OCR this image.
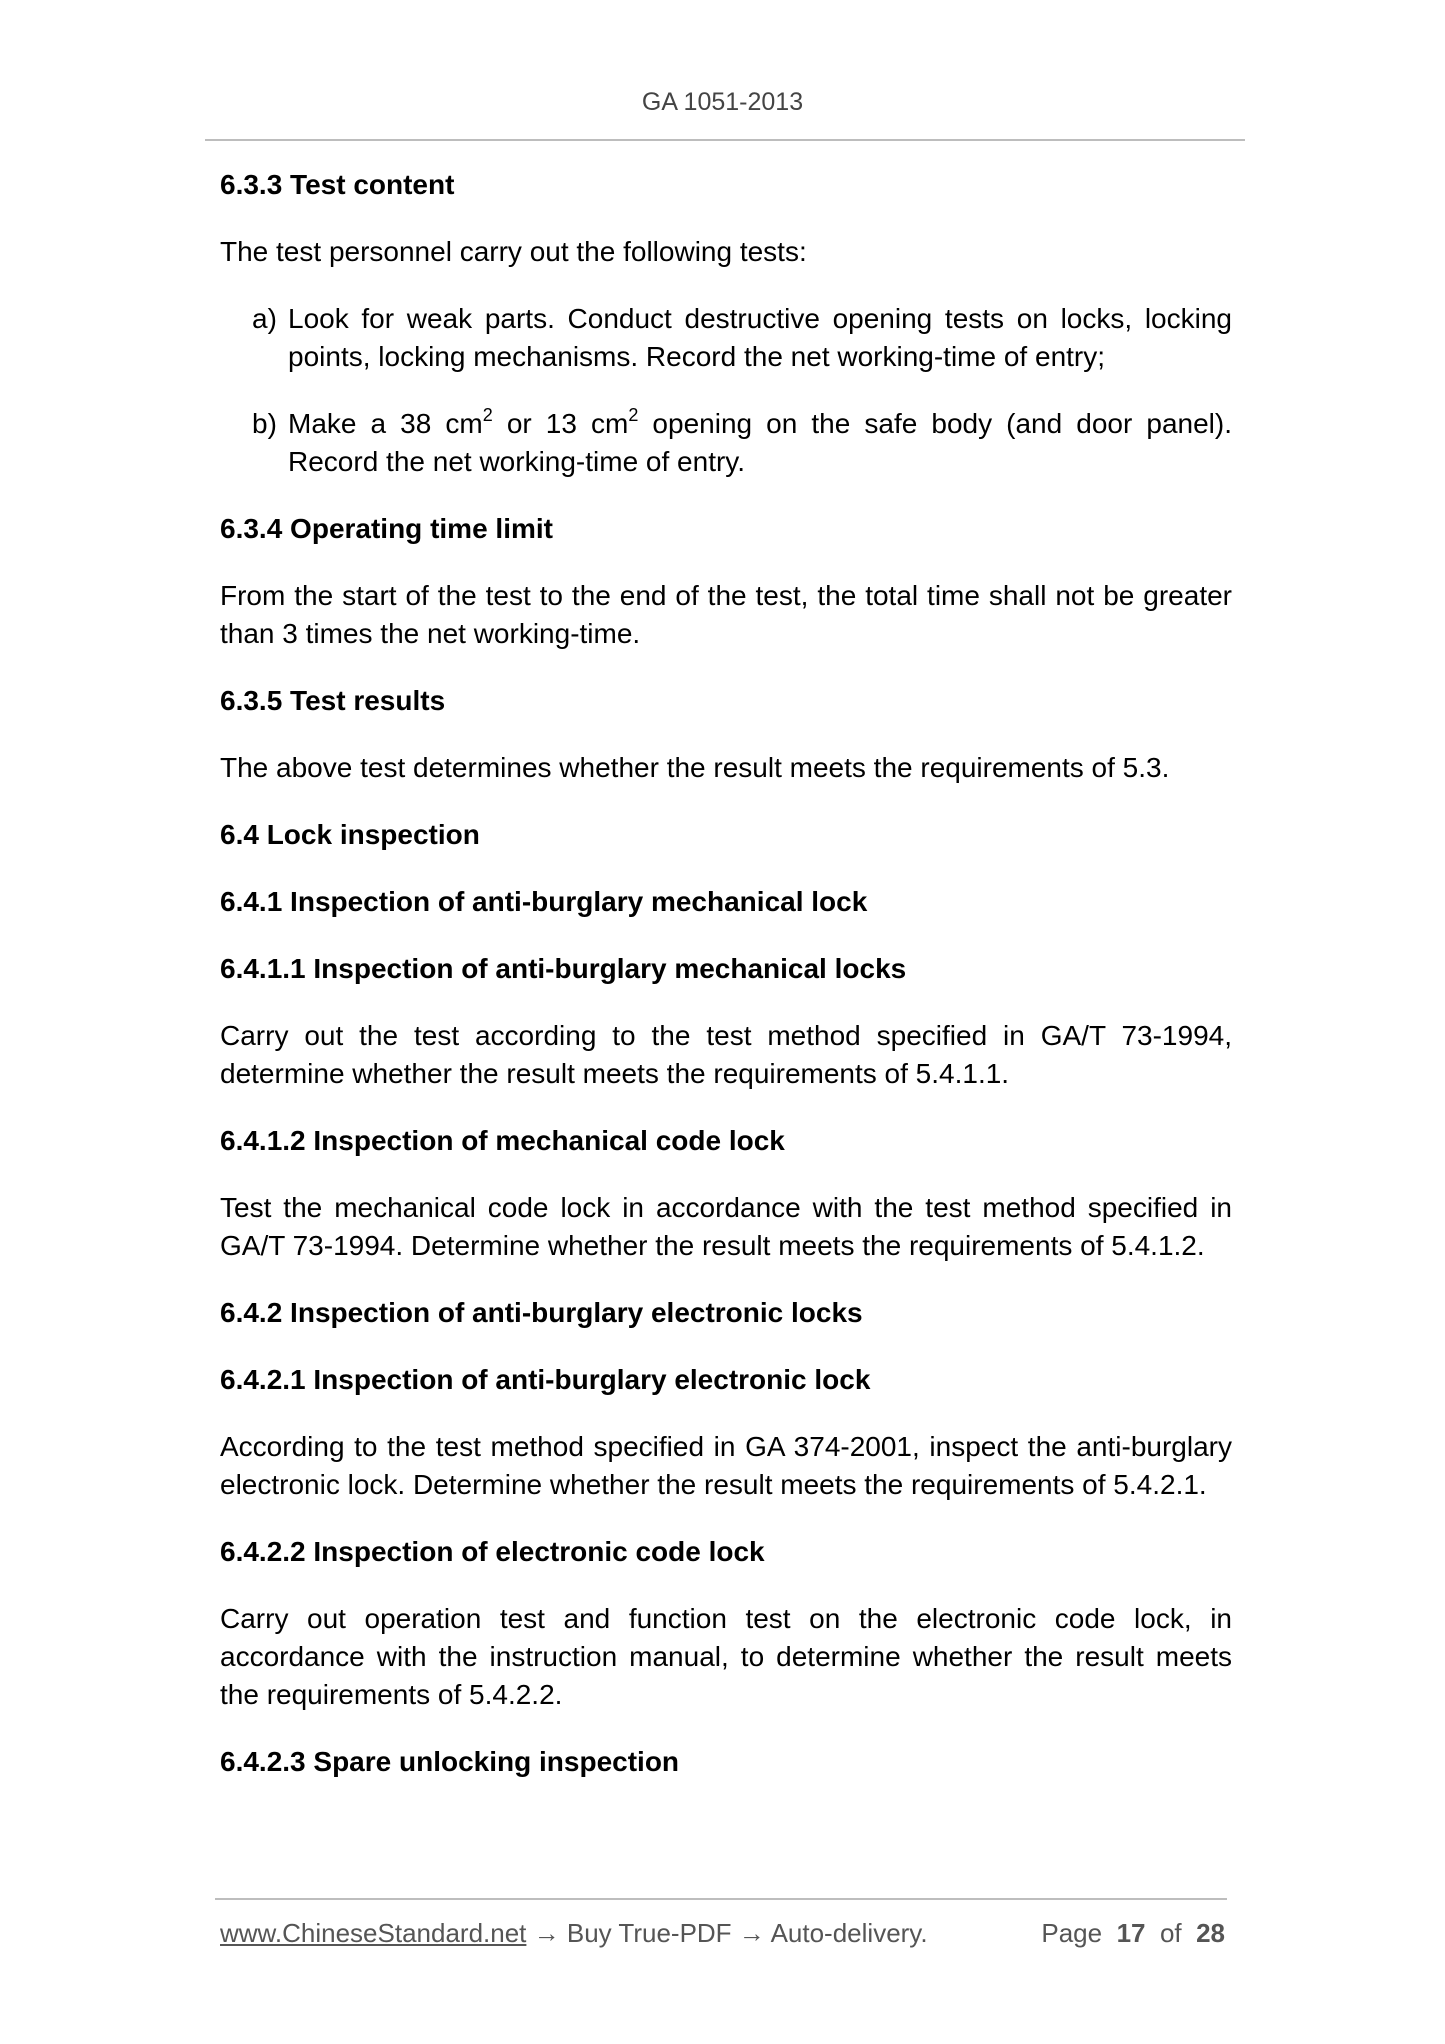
GA 1051-2013
6.3.3 Test content

The test personnel carry out the following tests:

a) Look for weak parts. Conduct destructive opening tests on locks, locking points, locking mechanisms. Record the net working-time of entry;
b) Make a 38 $cm^2$ or 13 $cm^2$ opening on the safe body (and door panel). Record the net working-time of entry.
6.3.4 Operating time limit

From the start of the test to the end of the test, the total time shall not be greater than 3 times the net working-time.

6.3.5 Test results

The above test determines whether the result meets the requirements of 5.3.

6.4 Lock inspection
6.4.1 Inspection of anti-burglary mechanical lock
6.4.1.1 Inspection of anti-burglary mechanical locks

Carry out the test according to the test method specified in GA/T 73-1994, determine whether the result meets the requirements of 5.4.1.1.

6.4.1.2 Inspection of mechanical code lock

Test the mechanical code lock in accordance with the test method specified in GA/T 73-1994. Determine whether the result meets the requirements of 5.4.1.2.

6.4.2 Inspection of anti-burglary electronic locks
6.4.2.1 Inspection of anti-burglary electronic lock

According to the test method specified in GA 374-2001, inspect the anti-burglary electronic lock. Determine whether the result meets the requirements of 5.4.2.1.

6.4.2.2 Inspection of electronic code lock

Carry out operation test and function test on the electronic code lock, in accordance with the instruction manual, to determine whether the result meets the requirements of 5.4.2.2.

6.4.2.3 Spare unlocking inspection
www.ChineseStandard.net → Buy True-PDF → Auto-delivery.	Page 17 of 28
